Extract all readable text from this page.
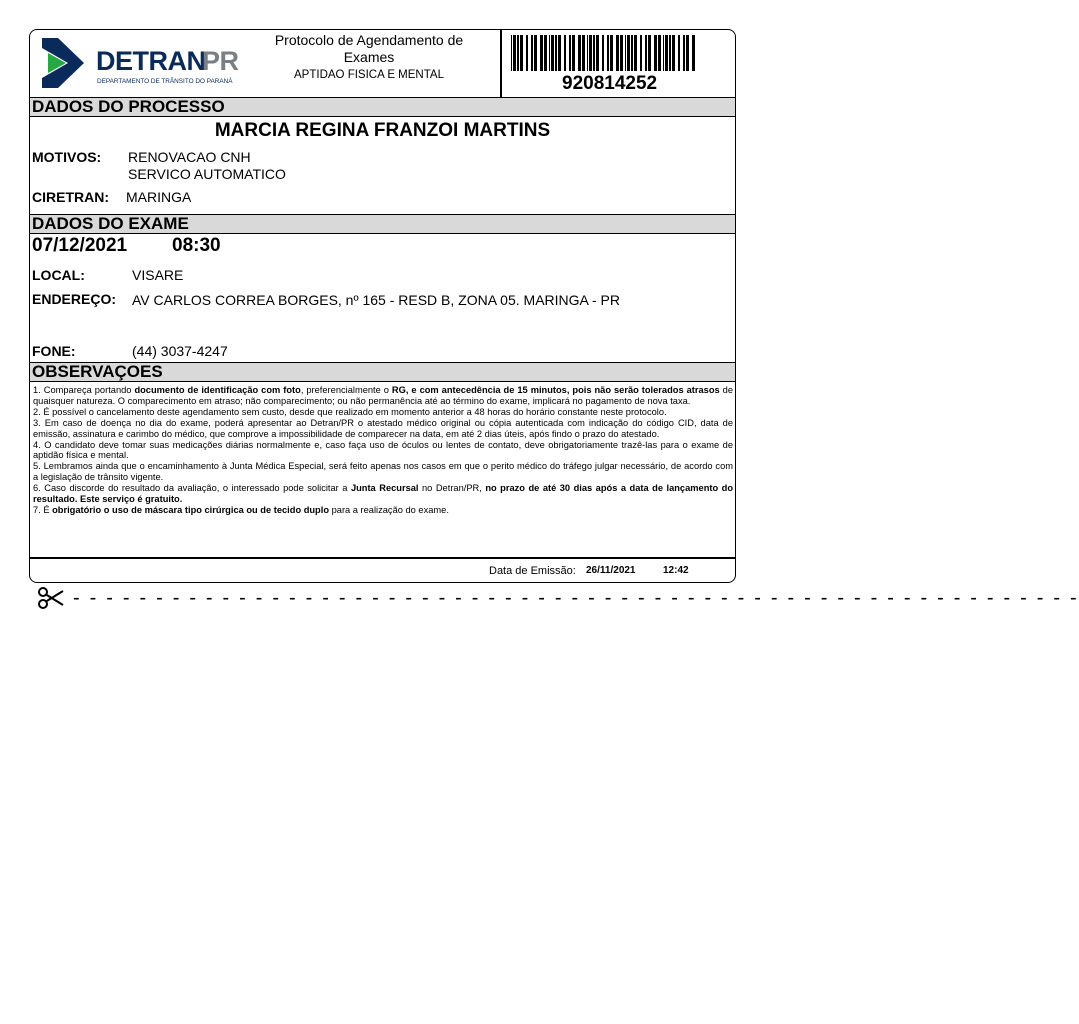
DETRAN
PR
DEPARTAMENTO DE TRÂNSITO DO PARANÁ
Protocolo de Agendamento de Exames
APTIDAO FISICA E MENTAL	920814252
DADOS DO PROCESSO
MARCIA REGINA FRANZOI MARTINS
MOTIVOS: RENOVACAO CNH
SERVICO AUTOMATICO
CIRETRAN: MARINGA
DADOS DO EXAME
07/12/2021 08:30
LOCAL:	VISARE
ENDEREÇO: AV CARLOS CORREA BORGES, nº 165 - RESD B, ZONA 05. MARINGA - PR
FONE:	(44) 3037-4247
OBSERVAÇOES

1. Compareça portando documento de identificação com foto, preferencialmente o RG, e com antecedência de 15 minutos, pois não serão tolerados atrasos de quaisquer natureza. O comparecimento em atraso; não comparecimento; ou não permanência até ao término do exame, implicará no pagamento de nova taxa.

2. É possível o cancelamento deste agendamento sem custo, desde que realizado em momento anterior a 48 horas do horário constante neste protocolo.

3. Em caso de doença no dia do exame, poderá apresentar ao Detran/PR o atestado médico original ou cópia autenticada com indicação do código CID, data de emissão, assinatura e carimbo do médico, que comprove a impossibilidade de comparecer na data, em até 2 dias úteis, após findo o prazo do atestado.

4. O candidato deve tomar suas medicações diárias normalmente e, caso faça uso de óculos ou lentes de contato, deve obrigatoriamente trazê-las para o exame de aptidão física e mental.

5. Lembramos ainda que o encaminhamento à Junta Médica Especial, será feito apenas nos casos em que o perito médico do tráfego julgar necessário, de acordo com a legislação de trânsito vigente.

6. Caso discorde do resultado da avaliação, o interessado pode solicitar a Junta Recursal no Detran/PR, no prazo de até 30 dias após a data de lançamento do resultado. Este serviço é gratuito.

7. É obrigatório o uso de máscara tipo cirúrgica ou de tecido duplo para a realização do exame.

Data de Emissão: 26/11/2021	12:42
- - - - - - - - - - - - - - - - - - - - - - - - - - - - - - - - - - - - - - - - - - - - - - - - - - - - - - - - - - - - -
